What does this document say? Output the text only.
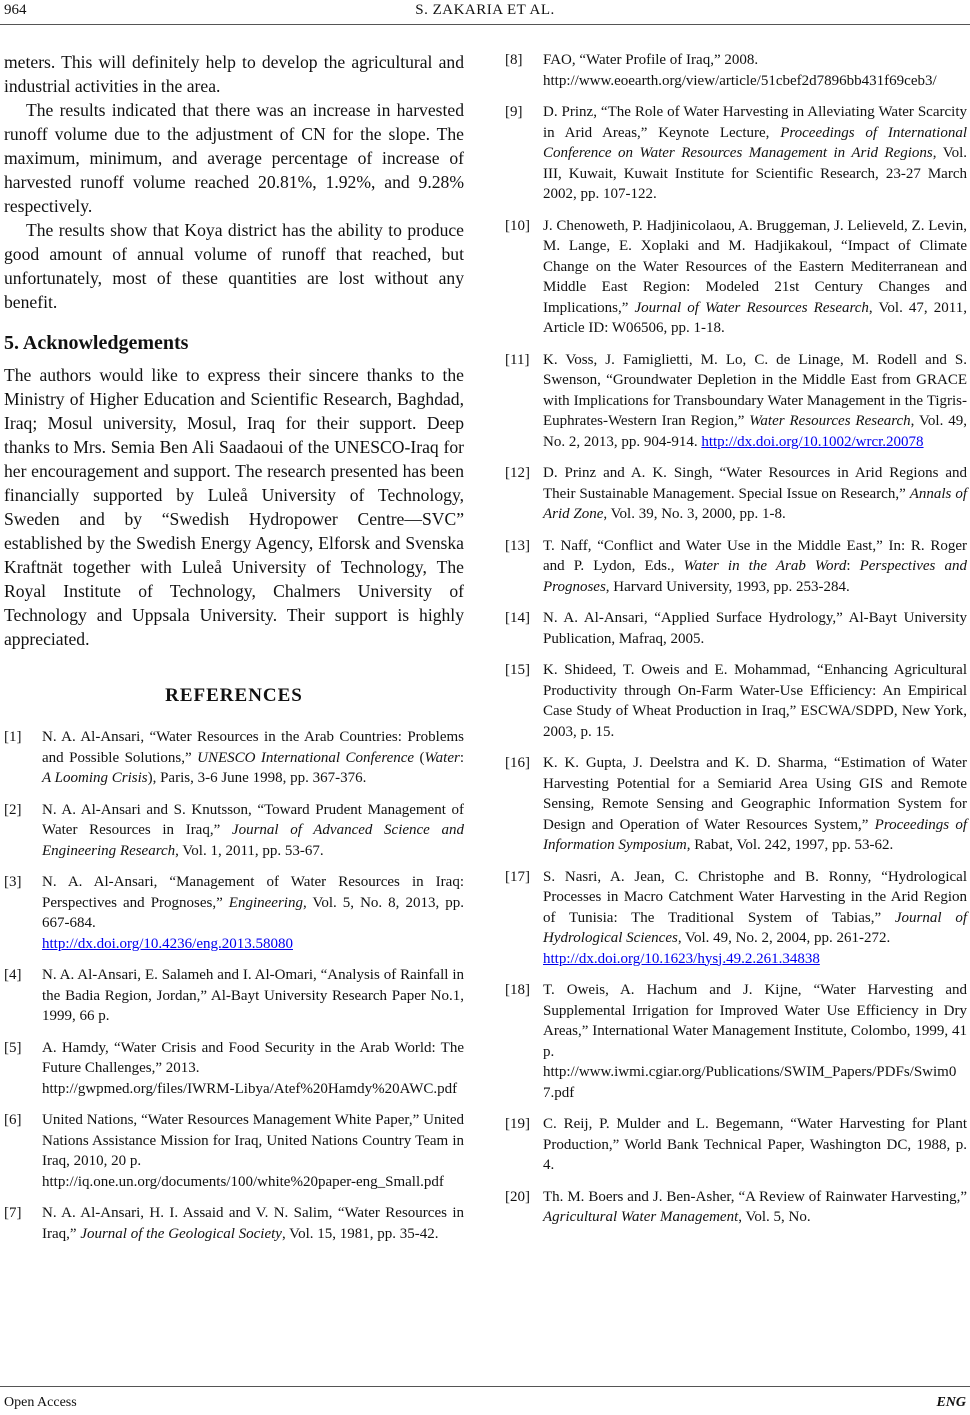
964	S. ZAKARIA ET AL.

meters. This will definitely help to develop the agricultural and industrial activities in the area.

The results indicated that there was an increase in harvested runoff volume due to the adjustment of CN for the slope. The maximum, minimum, and average percentage of increase of harvested runoff volume reached 20.81%, 1.92%, and 9.28% respectively.

The results show that Koya district has the ability to produce good amount of annual volume of runoff that reached, but unfortunately, most of these quantities are lost without any benefit.

5. Acknowledgements

The authors would like to express their sincere thanks to the Ministry of Higher Education and Scientific Research, Baghdad, Iraq; Mosul university, Mosul, Iraq for their support. Deep thanks to Mrs. Semia Ben Ali Saadaoui of the UNESCO-Iraq for her encouragement and support. The research presented has been financially supported by Luleå University of Technology, Sweden and by “Swedish Hydropower Centre—SVC” established by the Swedish Energy Agency, Elforsk and Svenska Kraftnät together with Luleå University of Technology, The Royal Institute of Technology, Chalmers University of Technology and Uppsala University. Their support is highly appreciated.

REFERENCES
[1]	N. A. Al-Ansari, “Water Resources in the Arab Countries: Problems and Possible Solutions,” UNESCO International Conference (Water: A Looming Crisis), Paris, 3-6 June 1998, pp. 367-376.
[2]	N. A. Al-Ansari and S. Knutsson, “Toward Prudent Management of Water Resources in Iraq,” Journal of Advanced Science and Engineering Research, Vol. 1, 2011, pp. 53-67.
[3]	N. A. Al-Ansari, “Management of Water Resources in Iraq: Perspectives and Prognoses,” Engineering, Vol. 5, No. 8, 2013, pp. 667-684.
http://dx.doi.org/10.4236/eng.2013.58080
[4]	N. A. Al-Ansari, E. Salameh and I. Al-Omari, “Analysis of Rainfall in the Badia Region, Jordan,” Al-Bayt University Research Paper No.1, 1999, 66 p.
[5]	A. Hamdy, “Water Crisis and Food Security in the Arab World: The Future Challenges,” 2013.
http://gwpmed.org/files/IWRM-Libya/Atef%20Hamdy%20AWC.pdf
[6]	United Nations, “Water Resources Management White Paper,” United Nations Assistance Mission for Iraq, United Nations Country Team in Iraq, 2010, 20 p.
http://iq.one.un.org/documents/100/white%20paper-eng_Small.pdf
[7]	N. A. Al-Ansari, H. I. Assaid and V. N. Salim, “Water Resources in Iraq,” Journal of the Geological Society, Vol. 15, 1981, pp. 35-42.
[8]	FAO, “Water Profile of Iraq,” 2008.
http://www.eoearth.org/view/article/51cbef2d7896bb431f69ceb3/
[9]	D. Prinz, “The Role of Water Harvesting in Alleviating Water Scarcity in Arid Areas,” Keynote Lecture, Proceedings of International Conference on Water Resources Management in Arid Regions, Vol. III, Kuwait, Kuwait Institute for Scientific Research, 23-27 March 2002, pp. 107-122.
[10] J. Chenoweth, P. Hadjinicolaou, A. Bruggeman, J. Lelieveld, Z. Levin, M. Lange, E. Xoplaki and M. Hadjikakoul, “Impact of Climate Change on the Water Resources of the Eastern Mediterranean and Middle East Region: Modeled 21st Century Changes and Implications,” Journal of Water Resources Research, Vol. 47, 2011, Article ID: W06506, pp. 1-18.
[11] K. Voss, J. Famiglietti, M. Lo, C. de Linage, M. Rodell and S. Swenson, “Groundwater Depletion in the Middle East from GRACE with Implications for Transboundary Water Management in the Tigris-Euphrates-Western Iran Region,” Water Resources Research, Vol. 49, No. 2, 2013, pp. 904-914. http://dx.doi.org/10.1002/wrcr.20078
[12] D. Prinz and A. K. Singh, “Water Resources in Arid Regions and Their Sustainable Management. Special Issue on Research,” Annals of Arid Zone, Vol. 39, No. 3, 2000, pp. 1-8.
[13] T. Naff, “Conflict and Water Use in the Middle East,” In: R. Roger and P. Lydon, Eds., Water in the Arab Word: Perspectives and Prognoses, Harvard University, 1993, pp. 253-284.
[14] N. A. Al-Ansari, “Applied Surface Hydrology,” Al-Bayt University Publication, Mafraq, 2005.
[15] K. Shideed, T. Oweis and E. Mohammad, “Enhancing Agricultural Productivity through On-Farm Water-Use Efficiency: An Empirical Case Study of Wheat Production in Iraq,” ESCWA/SDPD, New York, 2003, p. 15.
[16] K. K. Gupta, J. Deelstra and K. D. Sharma, “Estimation of Water Harvesting Potential for a Semiarid Area Using GIS and Remote Sensing, Remote Sensing and Geographic Information System for Design and Operation of Water Resources System,” Proceedings of Information Symposium, Rabat, Vol. 242, 1997, pp. 53-62.
[17] S. Nasri, A. Jean, C. Christophe and B. Ronny, “Hydrological Processes in Macro Catchment Water Harvesting in the Arid Region of Tunisia: The Traditional System of Tabias,” Journal of Hydrological Sciences, Vol. 49, No. 2, 2004, pp. 261-272.
http://dx.doi.org/10.1623/hysj.49.2.261.34838
[18] T. Oweis, A. Hachum and J. Kijne, “Water Harvesting and Supplemental Irrigation for Improved Water Use Efficiency in Dry Areas,” International Water Management Institute, Colombo, 1999, 41 p.
http://www.iwmi.cgiar.org/Publications/SWIM_Papers/PDFs/Swim07.pdf
[19] C. Reij, P. Mulder and L. Begemann, “Water Harvesting for Plant Production,” World Bank Technical Paper, Washington DC, 1988, p. 4.
[20] Th. M. Boers and J. Ben-Asher, “A Review of Rainwater Harvesting,” Agricultural Water Management, Vol. 5, No.
Open Access	ENG
